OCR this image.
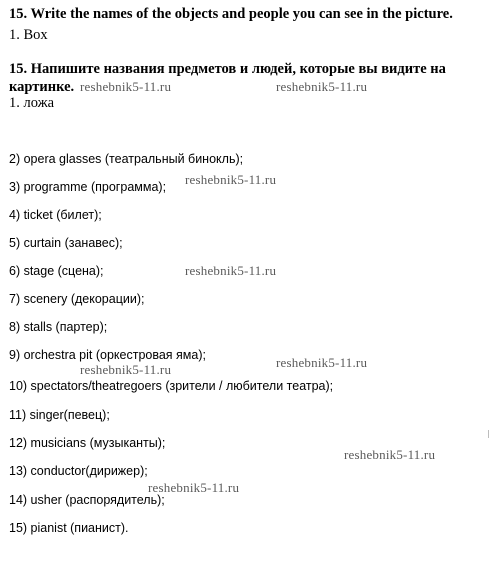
15. Write the names of the objects and people you can see in the picture.
1. Box
15. Напишите названия предметов и людей, которые вы видите на
картинке.
1. ложа
2) opera glasses (театральный бинокль);
3) programme (программа);
4) ticket (билет);
5) curtain (занавес);
6) stage (сцена);
7) scenery (декорации);
8) stalls (партер);
9) orchestra pit (оркестровая яма);
10) spectators/theatregoers (зрители / любители театра);
11) singer(певец);
12) musicians (музыканты);
13) conductor(дирижер);
14) usher (распорядитель);
15) pianist (пианист).
reshebnik5-11.ru	reshebnik5-11.ru
reshebnik5-11.ru
reshebnik5-11.ru
reshebnik5-11.ru
reshebnik5-11.ru
reshebnik5-11.ru
reshebnik5-11.ru
